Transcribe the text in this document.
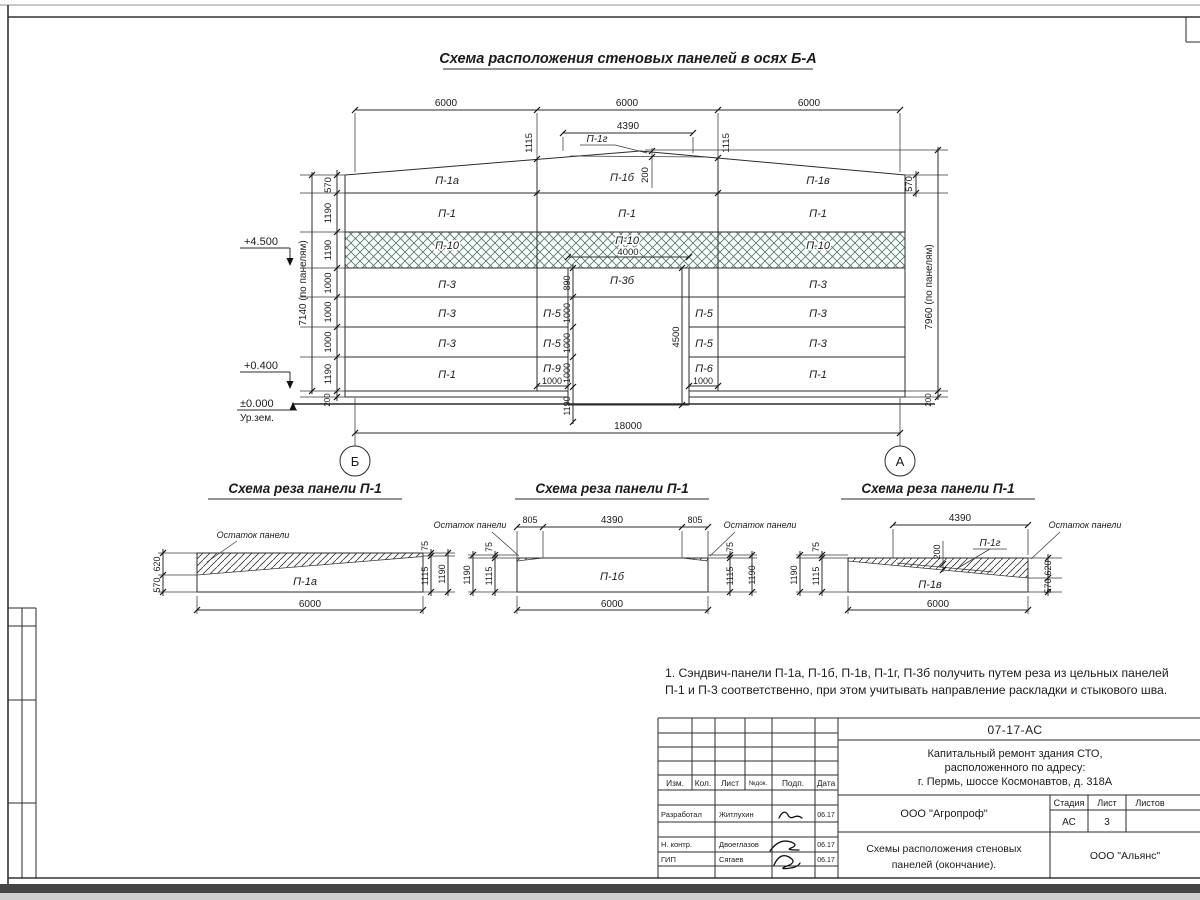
Схема расположения стеновых панелей в осях Б-А
6000	6000	6000
4390
1115	1115
200
П-1г
570
1190
1190
1000
1000
1000
1190
200
7140 (по панелям)
570
7960 (по панелям)
200
890
1000
1000
1000
1190
4500
4000
1000	1000
18000
+4.500
+0.400
±0.000
Ур.зем.
Б	А
П-1а	П-1б	П-1в
П-1	П-1	П-1
П-10	П-10	П-10
П-3	П-3б	П-3
П-3	П-5	П-5	П-3
П-3	П-5	П-5	П-3
П-1	П-9	П-6	П-1
Схема реза панели П-1
П-1а
Остаток панели
620
570
75
1115 1190
6000
Схема реза панели П-1
П-1б
Остаток панели	Остаток панели
805	4390	805
75
1115
1190
75
1115 1190
6000
Схема реза панели П-1
П-1в
П-1г
Остаток панели
4390
200
75
1115
1190	620
570
6000
1. Сэндвич-панели П-1а, П-1б, П-1в, П-1г, П-3б получить путем реза из цельных панелей
П-1 и П-3 соответственно, при этом учитывать направление раскладки и стыкового шва.
Изм. Кол. Лист №док. Подп. Дата
Разработал Житлухин	06.17
Н. контр.	Двоеглазов	06.17
ГИП	Сягаев	06.17
07-17-АС
Капитальный ремонт здания СТО,
расположенного по адресу:
г. Пермь, шоссе Космонавтов, д. 318А
Стадия Лист Листов
АС	3
ООО "Агропроф"
Схемы расположения стеновых
панелей (окончание).
ООО "Альянс"
